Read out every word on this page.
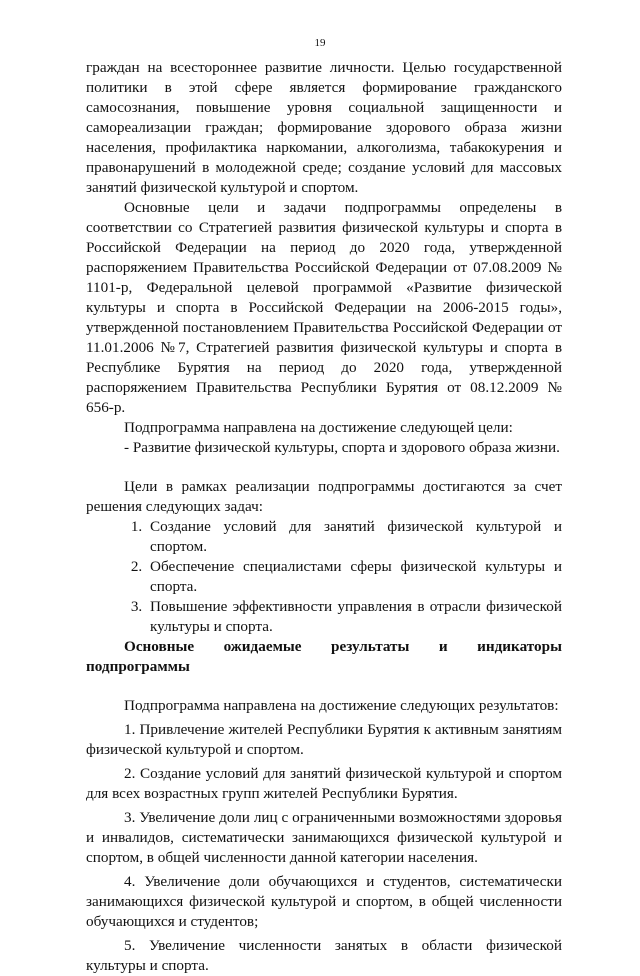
19

граждан на всестороннее развитие личности. Целью государственной политики в этой сфере является формирование гражданского самосознания, повышение уровня социальной защищенности и самореализации граждан; формирование здорового образа жизни населения, профилактика наркомании, алкоголизма, табакокурения и правонарушений в молодежной среде; создание условий для массовых занятий физической культурой и спортом.

Основные цели и задачи подпрограммы определены в соответствии со Стратегией развития физической культуры и спорта в Российской Федерации на период до 2020 года, утвержденной распоряжением Правительства Российской Федерации от 07.08.2009 № 1101-р, Федеральной целевой программой «Развитие физической культуры и спорта в Российской Федерации на 2006-2015 годы», утвержденной постановлением Правительства Российской Федерации от 11.01.2006 №7, Стратегией развития физической культуры и спорта в Республике Бурятия на период до 2020 года, утвержденной распоряжением Правительства Республики Бурятия от 08.12.2009 № 656-р.

Подпрограмма направлена на достижение следующей цели:

- Развитие физической культуры, спорта и здорового образа жизни.

Цели в рамках реализации подпрограммы достигаются за счет решения следующих задач:

1. Создание условий для занятий физической культурой и спортом.
2. Обеспечение специалистами сферы физической культуры и спорта.
3. Повышение эффективности управления в отрасли физической культуры и спорта.
Основные ожидаемые результаты и индикаторы
подпрограммы

Подпрограмма направлена на достижение следующих результатов:

1. Привлечение жителей Республики Бурятия к активным занятиям физической культурой и спортом.

2. Создание условий для занятий физической культурой и спортом для всех возрастных групп жителей Республики Бурятия.

3. Увеличение доли лиц с ограниченными возможностями здоровья и инвалидов, систематически занимающихся физической культурой и спортом, в общей численности данной категории населения.

4. Увеличение доли обучающихся и студентов, систематически занимающихся физической культурой и спортом, в общей численности обучающихся и студентов;

5. Увеличение численности занятых в области физической культуры и спорта.
